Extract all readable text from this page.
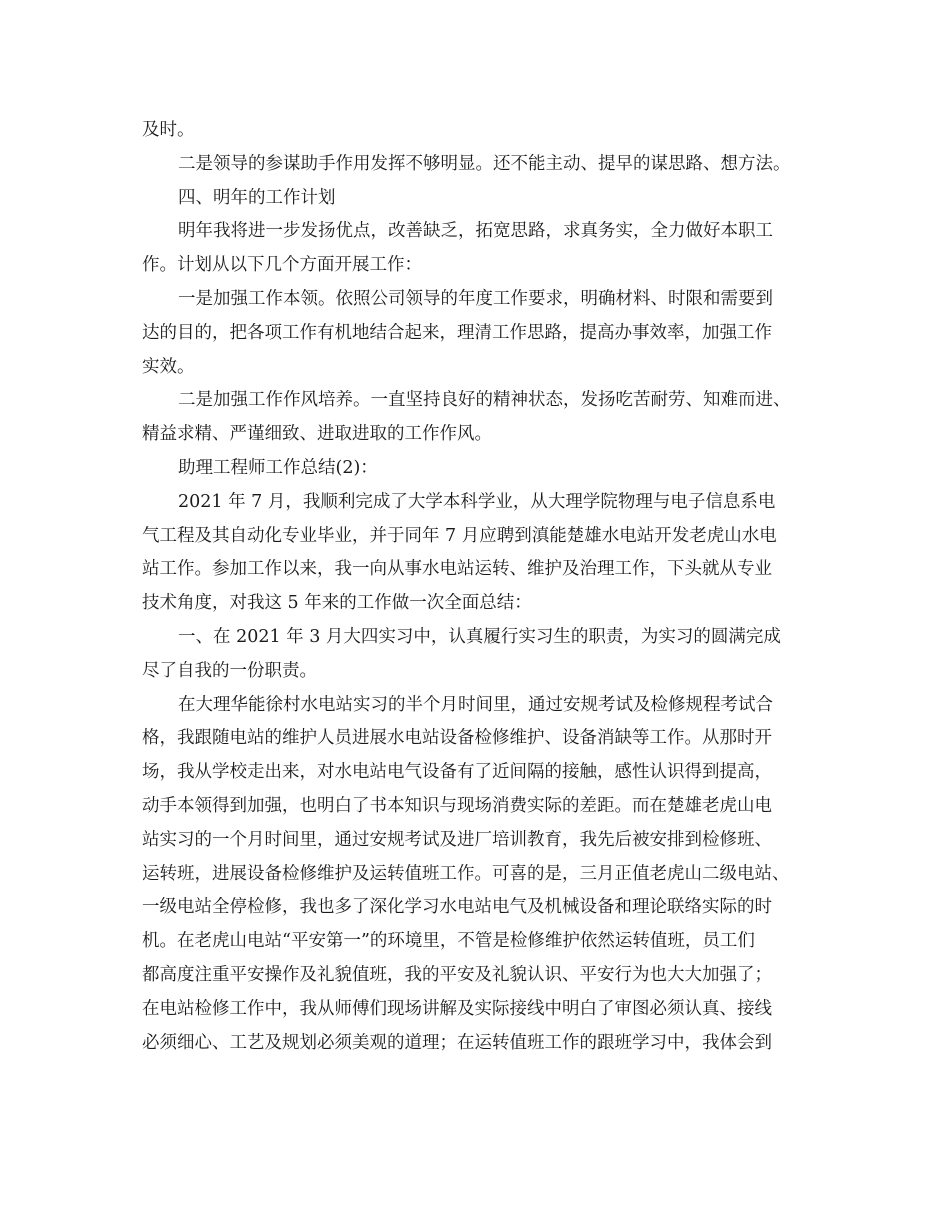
及时。
二是领导的参谋助手作用发挥不够明显。还不能主动、提早的谋思路、想方法。
四、明年的工作计划
明年我将进一步发扬优点，改善缺乏，拓宽思路，求真务实，全力做好本职工
作。计划从以下几个方面开展工作：
一是加强工作本领。依照公司领导的年度工作要求，明确材料、时限和需要到
达的目的，把各项工作有机地结合起来，理清工作思路，提高办事效率，加强工作
实效。
二是加强工作作风培养。一直坚持良好的精神状态，发扬吃苦耐劳、知难而进、
精益求精、严谨细致、进取进取的工作作风。
助理工程师工作总结(2)：
2021 年 7 月，我顺利完成了大学本科学业，从大理学院物理与电子信息系电
气工程及其自动化专业毕业，并于同年 7 月应聘到滇能楚雄水电站开发老虎山水电
站工作。参加工作以来，我一向从事水电站运转、维护及治理工作，下头就从专业
技术角度，对我这 5 年来的工作做一次全面总结：
一、在 2021 年 3 月大四实习中，认真履行实习生的职责，为实习的圆满完成
尽了自我的一份职责。
在大理华能徐村水电站实习的半个月时间里，通过安规考试及检修规程考试合
格，我跟随电站的维护人员进展水电站设备检修维护、设备消缺等工作。从那时开
场，我从学校走出来，对水电站电气设备有了近间隔的接触，感性认识得到提高，
动手本领得到加强，也明白了书本知识与现场消费实际的差距。而在楚雄老虎山电
站实习的一个月时间里，通过安规考试及进厂培训教育，我先后被安排到检修班、
运转班，进展设备检修维护及运转值班工作。可喜的是，三月正值老虎山二级电站、
一级电站全停检修，我也多了深化学习水电站电气及机械设备和理论联络实际的时
机。在老虎山电站“平安第一”的环境里，不管是检修维护依然运转值班，员工们
都高度注重平安操作及礼貌值班，我的平安及礼貌认识、平安行为也大大加强了；
在电站检修工作中，我从师傅们现场讲解及实际接线中明白了审图必须认真、接线
必须细心、工艺及规划必须美观的道理；在运转值班工作的跟班学习中，我体会到
